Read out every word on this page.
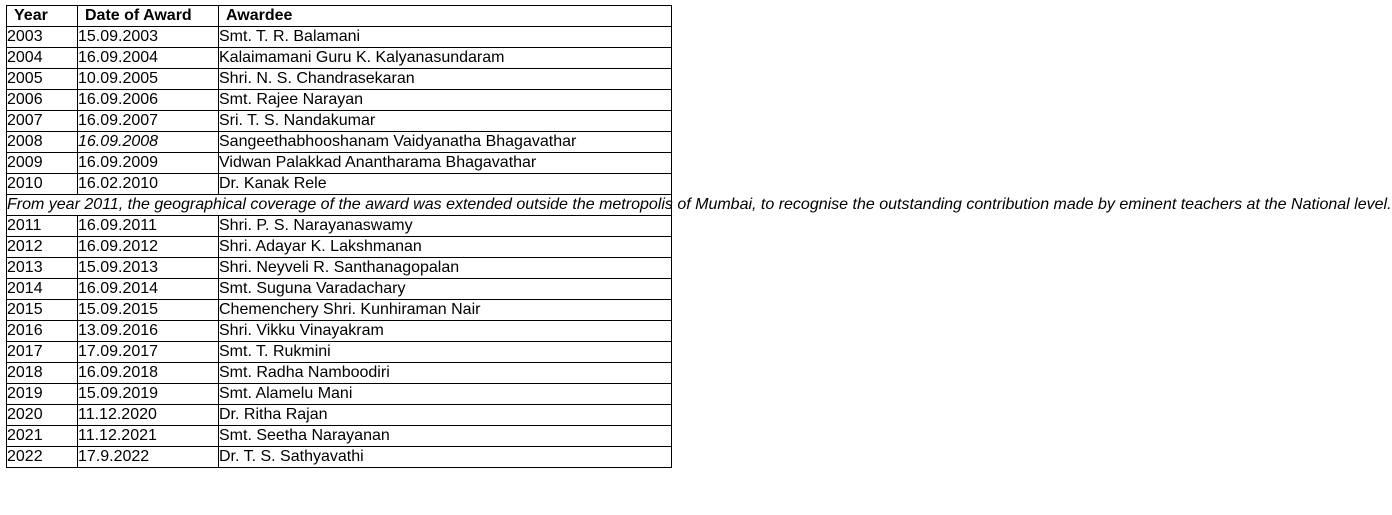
Year	Date of Award	Awardee
2003	15.09.2003	Smt. T. R. Balamani
2004	16.09.2004	Kalaimamani Guru K. Kalyanasundaram
2005	10.09.2005	Shri. N. S. Chandrasekaran
2006	16.09.2006	Smt. Rajee Narayan
2007	16.09.2007	Sri. T. S. Nandakumar
2008	16.09.2008	Sangeethabhooshanam Vaidyanatha Bhagavathar
2009	16.09.2009	Vidwan Palakkad Anantharama Bhagavathar
2010	16.02.2010	Dr. Kanak Rele
From year 2011, the geographical coverage of the award was extended outside the metropolis of Mumbai, to recognise the outstanding contribution made by eminent teachers at the National level.		
2011	16.09.2011	Shri. P. S. Narayanaswamy
2012	16.09.2012	Shri. Adayar K. Lakshmanan
2013	15.09.2013	Shri. Neyveli R. Santhanagopalan
2014	16.09.2014	Smt. Suguna Varadachary
2015	15.09.2015	Chemenchery Shri. Kunhiraman Nair
2016	13.09.2016	Shri. Vikku Vinayakram
2017	17.09.2017	Smt. T. Rukmini
2018	16.09.2018	Smt. Radha Namboodiri
2019	15.09.2019	Smt. Alamelu Mani
2020	11.12.2020	Dr. Ritha Rajan
2021	11.12.2021	Smt. Seetha Narayanan
2022	17.9.2022	Dr. T. S. Sathyavathi
